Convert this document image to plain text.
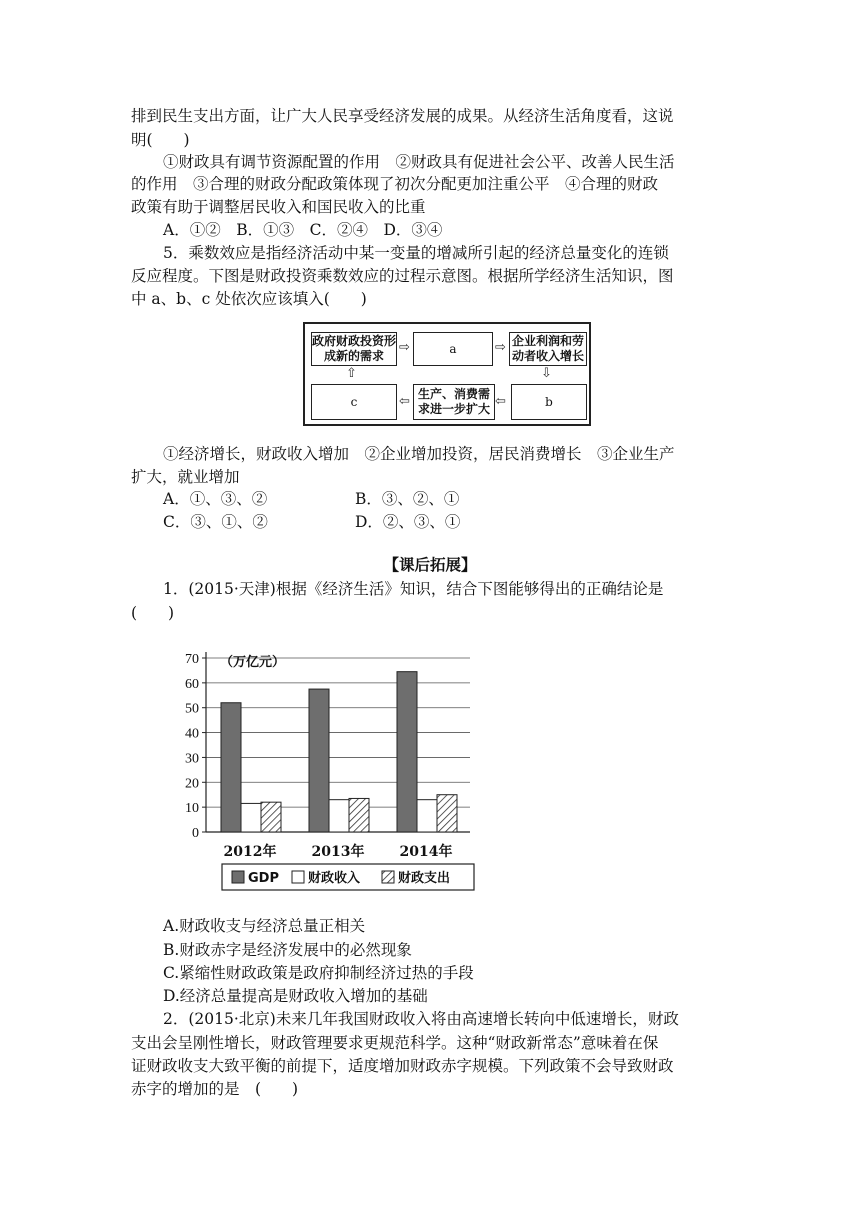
排到民生支出方面，让广大人民享受经济发展的成果。从经济生活角度看，这说
明(　　)
①财政具有调节资源配置的作用　②财政具有促进社会公平、改善人民生活
的作用　③合理的财政分配政策体现了初次分配更加注重公平　④合理的财政
政策有助于调整居民收入和国民收入的比重
A．①②　B．①③　C．②④　D．③④
5．乘数效应是指经济活动中某一变量的增减所引起的经济总量变化的连锁
反应程度。下图是财政投资乘数效应的过程示意图。根据所学经济生活知识，图
中 a、b、c 处依次应该填入(　　)
政府财政投资形成新的需求
⇨	a	⇨ 企业利润和劳动者收入增长
⇩
b
⇦
生产、消费需求进一步扩大
⇦
c
⇧
①经济增长，财政收入增加　②企业增加投资，居民消费增长　③企业生产
扩大，就业增加
A．①、③、②	B．③、②、①
C．③、①、②	D．②、③、①
【课后拓展】
1．(2015·天津)根据《经济生活》知识，结合下图能够得出的正确结论是
(　　)
0
10
20
30
40
50
60
70 （万亿元）
2012年	2013年	2014年
GDP 财政收入	财政支出
A.财政收支与经济总量正相关
B.财政赤字是经济发展中的必然现象
C.紧缩性财政政策是政府抑制经济过热的手段
D.经济总量提高是财政收入增加的基础
2．(2015·北京)未来几年我国财政收入将由高速增长转向中低速增长，财政
支出会呈刚性增长，财政管理要求更规范科学。这种“财政新常态”意味着在保
证财政收支大致平衡的前提下，适度增加财政赤字规模。下列政策不会导致财政
赤字的增加的是　(　　)
